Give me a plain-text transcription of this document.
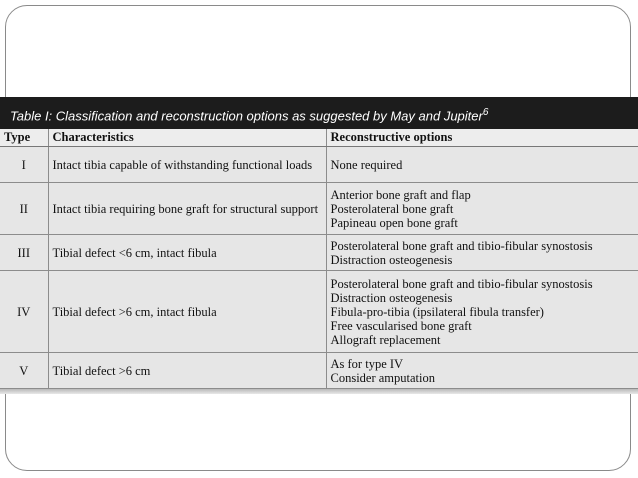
Table I: Classification and reconstruction options as suggested by May and Jupiter$^6$
Type	Characteristics	Reconstructive options
I	Intact tibia capable of withstanding functional loads	None required

II	Intact tibia requiring bone graft for structural support	Anterior bone graft and flap
Posterolateral bone graft
Papineau open bone graft

III	Tibial defect <6 cm, intact fibula	Posterolateral bone graft and tibio-fibular synostosis
Distraction osteogenesis

IV	Tibial defect >6 cm, intact fibula	Posterolateral bone graft and tibio-fibular synostosis
Distraction osteogenesis
Fibula-pro-tibia (ipsilateral fibula transfer)
Free vascularised bone graft
Allograft replacement

V	Tibial defect >6 cm	As for type IV
Consider amputation
